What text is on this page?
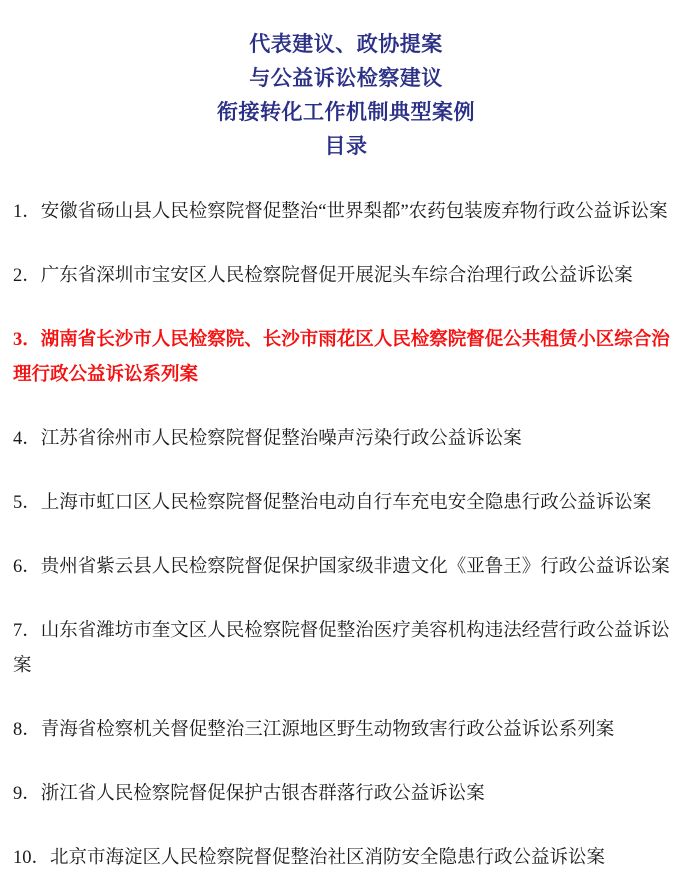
代表建议、政协提案
与公益诉讼检察建议
衔接转化工作机制典型案例
目录
1．安徽省砀山县人民检察院督促整治“世界梨都”农药包装废弃物行政公益诉讼案
2．广东省深圳市宝安区人民检察院督促开展泥头车综合治理行政公益诉讼案
3．湖南省长沙市人民检察院、长沙市雨花区人民检察院督促公共租赁小区综合治
理行政公益诉讼系列案
4．江苏省徐州市人民检察院督促整治噪声污染行政公益诉讼案
5．上海市虹口区人民检察院督促整治电动自行车充电安全隐患行政公益诉讼案
6．贵州省紫云县人民检察院督促保护国家级非遗文化《亚鲁王》行政公益诉讼案
7．山东省潍坊市奎文区人民检察院督促整治医疗美容机构违法经营行政公益诉讼
案
8．青海省检察机关督促整治三江源地区野生动物致害行政公益诉讼系列案
9．浙江省人民检察院督促保护古银杏群落行政公益诉讼案
10．北京市海淀区人民检察院督促整治社区消防安全隐患行政公益诉讼案
